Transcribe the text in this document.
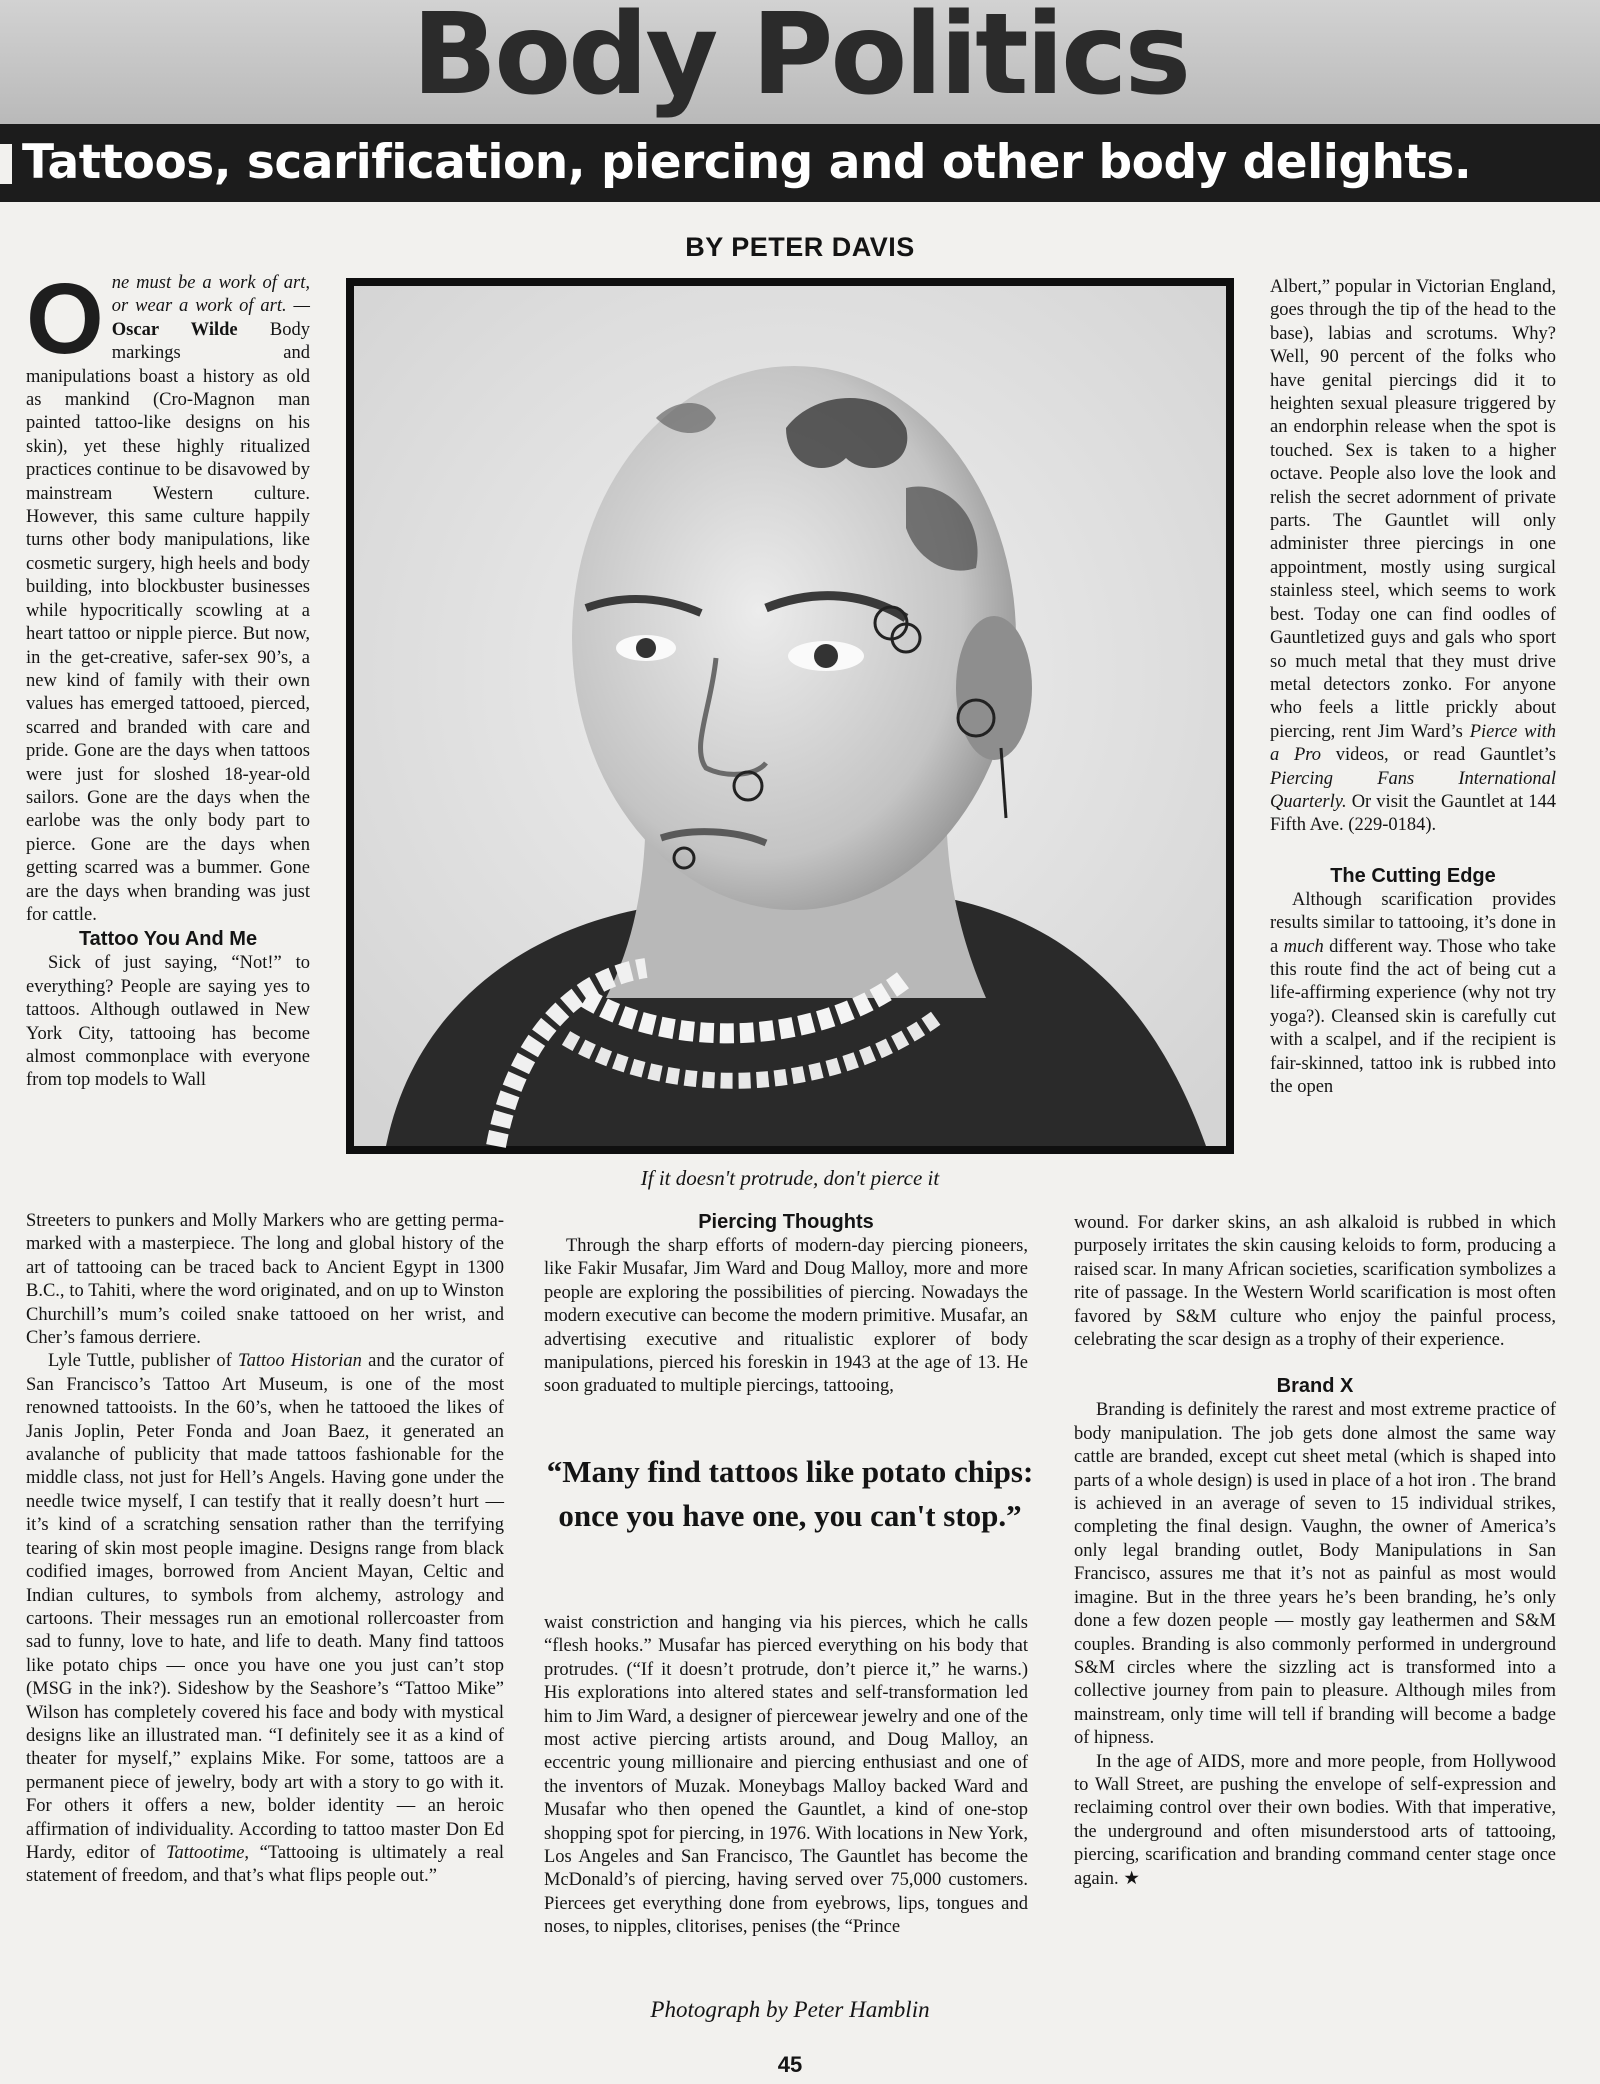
Body Politics
Tattoos, scarification, piercing and other body delights.
BY PETER DAVIS
O ne must be a work of art, or wear a work of art. — Oscar Wilde Body markings and manipulations boast a history as old as mankind (Cro-Magnon man painted tattoo-like designs on his skin), yet these highly ritualized practices continue to be disavowed by mainstream Western culture. However, this same culture happily turns other body manipulations, like cosmetic surgery, high heels and body building, into blockbuster businesses while hypocritically scowling at a heart tattoo or nipple pierce. But now, in the get-creative, safer-sex 90’s, a new kind of family with their own values has emerged tattooed, pierced, scarred and branded with care and pride. Gone are the days when tattoos were just for sloshed 18-year-old sailors. Gone are the days when the earlobe was the only body part to pierce. Gone are the days when getting scarred was a bummer. Gone are the days when branding was just for cattle.

Tattoo You And Me

Sick of just saying, “Not!” to everything? People are saying yes to tattoos. Although outlawed in New York City, tattooing has become almost commonplace with everyone from top models to Wall

Streeters to punkers and Molly Markers who are getting perma-marked with a masterpiece. The long and global history of the art of tattooing can be traced back to Ancient Egypt in 1300 B.C., to Tahiti, where the word originated, and on up to Winston Churchill’s mum’s coiled snake tattooed on her wrist, and Cher’s famous derriere.

Lyle Tuttle, publisher of Tattoo Historian and the curator of San Francisco’s Tattoo Art Museum, is one of the most renowned tattooists. In the 60’s, when he tattooed the likes of Janis Joplin, Peter Fonda and Joan Baez, it generated an avalanche of publicity that made tattoos fashionable for the middle class, not just for Hell’s Angels. Having gone under the needle twice myself, I can testify that it really doesn’t hurt — it’s kind of a scratching sensation rather than the terrifying tearing of skin most people imagine. Designs range from black codified images, borrowed from Ancient Mayan, Celtic and Indian cultures, to symbols from alchemy, astrology and cartoons. Their messages run an emotional rollercoaster from sad to funny, love to hate, and life to death. Many find tattoos like potato chips — once you have one you just can’t stop (MSG in the ink?). Sideshow by the Seashore’s “Tattoo Mike” Wilson has completely covered his face and body with mystical designs like an illustrated man. “I definitely see it as a kind of theater for myself,” explains Mike. For some, tattoos are a permanent piece of jewelry, body art with a story to go with it. For others it offers a new, bolder identity — an heroic affirmation of individuality. According to tattoo master Don Ed Hardy, editor of Tattootime, “Tattooing is ultimately a real statement of freedom, and that’s what flips people out.”

If it doesn't protrude, don't pierce it
Piercing Thoughts

Through the sharp efforts of modern-day piercing pioneers, like Fakir Musafar, Jim Ward and Doug Malloy, more and more people are exploring the possibilities of piercing. Nowadays the modern executive can become the modern primitive. Musafar, an advertising executive and ritualistic explorer of body manipulations, pierced his foreskin in 1943 at the age of 13. He soon graduated to multiple piercings, tattooing,

“Many find tattoos like potato chips: once you have one, you can't stop.”

waist constriction and hanging via his pierces, which he calls “flesh hooks.” Musafar has pierced everything on his body that protrudes. (“If it doesn’t protrude, don’t pierce it,” he warns.) His explorations into altered states and self-transformation led him to Jim Ward, a designer of piercewear jewelry and one of the most active piercing artists around, and Doug Malloy, an eccentric young millionaire and piercing enthusiast and one of the inventors of Muzak. Moneybags Malloy backed Ward and Musafar who then opened the Gauntlet, a kind of one-stop shopping spot for piercing, in 1976. With locations in New York, Los Angeles and San Francisco, The Gauntlet has become the McDonald’s of piercing, having served over 75,000 customers. Piercees get everything done from eyebrows, lips, tongues and noses, to nipples, clitorises, penises (the “Prince

Albert,” popular in Victorian England, goes through the tip of the head to the base), labias and scrotums. Why? Well, 90 percent of the folks who have genital piercings did it to heighten sexual pleasure triggered by an endorphin release when the spot is touched. Sex is taken to a higher octave. People also love the look and relish the secret adornment of private parts. The Gauntlet will only administer three piercings in one appointment, mostly using surgical stainless steel, which seems to work best. Today one can find oodles of Gauntletized guys and gals who sport so much metal that they must drive metal detectors zonko. For anyone who feels a little prickly about piercing, rent Jim Ward’s Pierce with a Pro videos, or read Gauntlet’s Piercing Fans International Quarterly. Or visit the Gauntlet at 144 Fifth Ave. (229-0184).

The Cutting Edge

Although scarification provides results similar to tattooing, it’s done in a much different way. Those who take this route find the act of being cut a life-affirming experience (why not try yoga?). Cleansed skin is carefully cut with a scalpel, and if the recipient is fair-skinned, tattoo ink is rubbed into the open

wound. For darker skins, an ash alkaloid is rubbed in which purposely irritates the skin causing keloids to form, producing a raised scar. In many African societies, scarification symbolizes a rite of passage. In the Western World scarification is most often favored by S&M culture who enjoy the painful process, celebrating the scar design as a trophy of their experience.

Brand X

Branding is definitely the rarest and most extreme practice of body manipulation. The job gets done almost the same way cattle are branded, except cut sheet metal (which is shaped into parts of a whole design) is used in place of a hot iron . The brand is achieved in an average of seven to 15 individual strikes, completing the final design. Vaughn, the owner of America’s only legal branding outlet, Body Manipulations in San Francisco, assures me that it’s not as painful as most would imagine. But in the three years he’s been branding, he’s only done a few dozen people — mostly gay leathermen and S&M couples. Branding is also commonly performed in underground S&M circles where the sizzling act is transformed into a collective journey from pain to pleasure. Although miles from mainstream, only time will tell if branding will become a badge of hipness.

In the age of AIDS, more and more people, from Hollywood to Wall Street, are pushing the envelope of self-expression and reclaiming control over their own bodies. With that imperative, the underground and often misunderstood arts of tattooing, piercing, scarification and branding command center stage once again. ★

Photograph by Peter Hamblin
45
